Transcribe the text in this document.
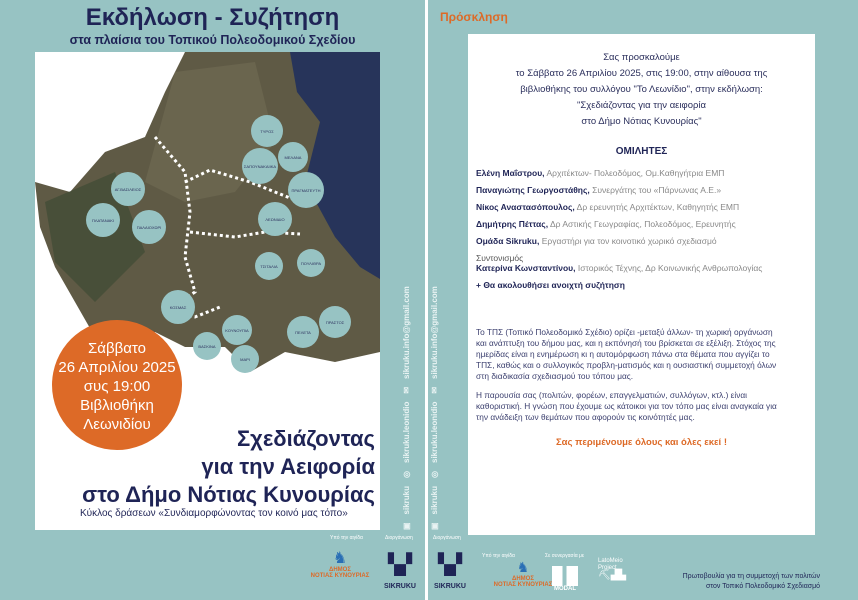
Εκδήλωση - Συζήτηση
στα πλαίσια του Τοπικού Πολεοδομικού Σχεδίου
ΤΥΡΟΣ
ΜΕΛΑΝΑ
ΣΑΠΟΥΝΑΚΑΙΙΚΑ
ΠΡΑΓΜΑΤΕΥΤΗ
ΑΓ.ΒΑΣΙΛΕΙΟΣ
ΠΛΑΤΑΝΑΚΙ
ΠΑΛΑΙΟΧΩΡΙ
ΛΕΩΝΙΔΙΟ
ΤΣΙΤΑΛΙΑ
ΠΟΥΛΙΘΡΑ
ΚΟΣΜΑΣ
ΚΟΥΝΟΥΠΙΑ
ΒΑΣΚΙΝΑ
ΜΑΡΙ
ΠΕΛΕΤΑ
ΠΡΑΣΤΟΣ
Σάββατο
26 Απριλίου 2025
συς 19:00
Βιβλιοθήκη
Λεωνιδίου
Σχεδιάζοντας
για την Αειφορία
στο Δήμο Νότιας Κυνουρίας
Κύκλος δράσεων «Συνδιαμορφώνοντας τον κοινό μας τόπο»
▣
sikruku
◎
sikruku.leonidio
✉
sikruku.info@gmail.com
Υπό την αιγίδα
♞
ΔΗΜΟΣ
ΝΟΤΙΑΣ ΚΥΝΟΥΡΙΑΣ
Διοργάνωση
▚▞
SIKRUKU
Πρόσκληση
▣
sikruku
◎
sikruku.leonidio
✉
sikruku.info@gmail.com
Σας προσκαλούμε
το Σάββατο 26 Απριλίου 2025, στις 19:00, στην αίθουσα της
βιβλιοθήκης του συλλόγου "Το Λεωνίδιο", στην εκδήλωση:
"Σχεδιάζοντας για την αειφορία
στο Δήμο Νότιας Κυνουρίας"
ΟΜΙΛΗΤΕΣ
Ελένη Μαΐστρου, Αρχιτέκτων- Πολεοδόμος, Ομ.Καθηγήτρια ΕΜΠ
Παναγιώτης Γεωργοστάθης, Συνεργάτης του «Πάρνωνας Α.Ε.»
Νίκος Αναστασόπουλος, Δρ ερευνητής Αρχιτέκτων, Καθηγητής ΕΜΠ
Δημήτρης Πέττας, Δρ Αστικής Γεωγραφίας, Πολεοδόμος, Ερευνητής
Ομάδα Sikruku, Εργαστήρι για τον κοινοτικό χωρικό σχεδιασμό
Συντονισμός
Κατερίνα Κωνσταντίνου, Ιστορικός Τέχνης, Δρ Κοινωνικής Ανθρωπολογίας
+ Θα ακολουθήσει ανοιχτή συζήτηση
Το ΤΠΣ (Τοπικό Πολεοδομικό Σχέδιο) ορίζει -μεταξύ άλλων- τη χωρική οργάνωση και ανάπτυξη του δήμου μας, και η εκπόνησή του βρίσκεται σε εξέλιξη. Στόχος της ημερίδας είναι η ενημέρωση κι η αυτομόρφωση πάνω στα θέματα που αγγίζει το ΤΠΣ, καθώς και ο συλλογικός προβλη-ματισμός και η ουσιαστική συμμετοχή όλων στη διαδικασία σχεδιασμού του τόπου μας.
Η παρουσία σας (πολιτών, φορέων, επαγγελματιών, συλλόγων, κτλ.) είναι καθοριστική. Η γνώση που έχουμε ως κάτοικοι για τον τόπο μας είναι αναγκαία για την ανάδειξη των θεμάτων που αφορούν τις κοινότητές μας.
Σας περιμένουμε όλους και όλες εκεί !
Διοργάνωση
▚▞
SIKRUKU
Υπό την αιγίδα
♞
ΔΗΜΟΣ
ΝΟΤΙΑΣ ΚΥΝΟΥΡΙΑΣ
Σε συνεργασία με
MODAL
LatoMeio
Project
⛏▟▙	Πρωτοβουλία για τη συμμετοχή των πολιτών
στον Τοπικό Πολεοδομικό Σχεδιασμό
